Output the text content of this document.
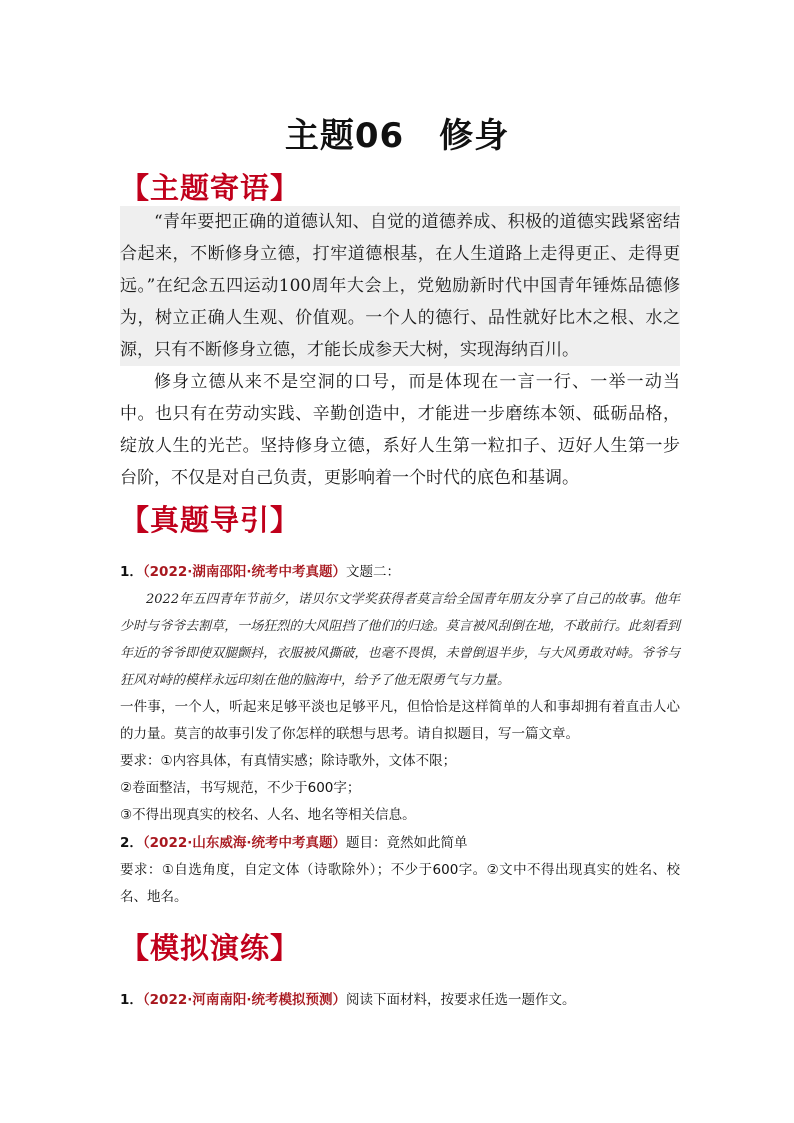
主题06　修身
【主题寄语】

“青年要把正确的道德认知、自觉的道德养成、积极的道德实践紧密结合起来，不断修身立德，打牢道德根基，在人生道路上走得更正、走得更远。”在纪念五四运动100周年大会上，党勉励新时代中国青年锤炼品德修为，树立正确人生观、价值观。一个人的德行、品性就好比木之根、水之源，只有不断修身立德，才能长成参天大树，实现海纳百川。

修身立德从来不是空洞的口号，而是体现在一言一行、一举一动当中。也只有在劳动实践、辛勤创造中，才能进一步磨练本领、砥砺品格，绽放人生的光芒。坚持修身立德，系好人生第一粒扣子、迈好人生第一步台阶，不仅是对自己负责，更影响着一个时代的底色和基调。

【真题导引】

1．（2022·湖南邵阳·统考中考真题）文题二：

2022年五四青年节前夕，诺贝尔文学奖获得者莫言给全国青年朋友分享了自己的故事。他年少时与爷爷去割草，一场狂烈的大风阻挡了他们的归途。莫言被风刮倒在地，不敢前行。此刻看到年近的爷爷即使双腿颤抖，衣服被风撕破，也毫不畏惧，未曾倒退半步，与大风勇敢对峙。爷爷与狂风对峙的模样永远印刻在他的脑海中，给予了他无限勇气与力量。

一件事，一个人，听起来足够平淡也足够平凡，但恰恰是这样简单的人和事却拥有着直击人心的力量。莫言的故事引发了你怎样的联想与思考。请自拟题目，写一篇文章。

要求：①内容具体，有真情实感；除诗歌外，文体不限；

②卷面整洁，书写规范，不少于600字；

③不得出现真实的校名、人名、地名等相关信息。

2．（2022·山东威海·统考中考真题）题目：竟然如此简单

要求：①自选角度，自定文体（诗歌除外）；不少于600字。②文中不得出现真实的姓名、校名、地名。

【模拟演练】

1．（2022·河南南阳·统考模拟预测）阅读下面材料，按要求任选一题作文。
